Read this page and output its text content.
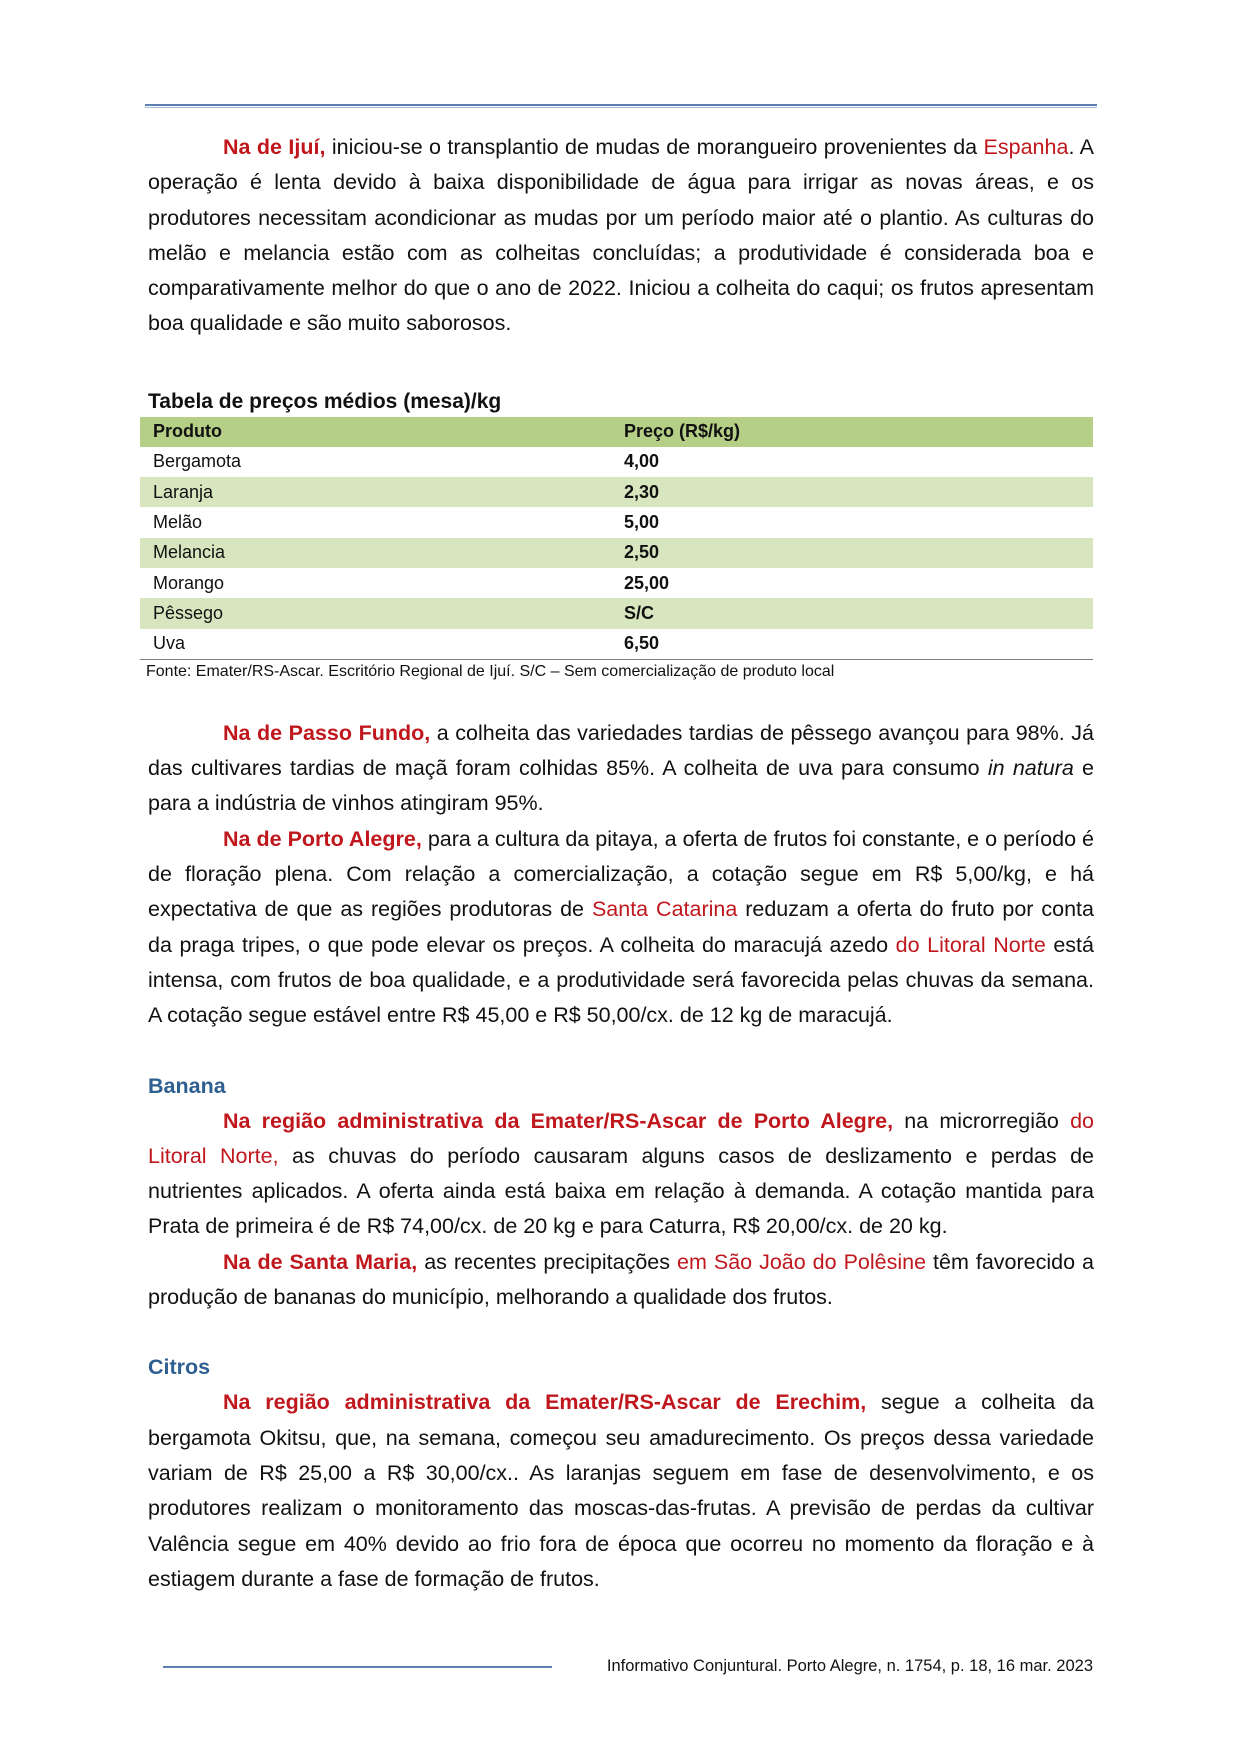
Na de Ijuí, iniciou-se o transplantio de mudas de morangueiro provenientes da Espanha. A operação é lenta devido à baixa disponibilidade de água para irrigar as novas áreas, e os produtores necessitam acondicionar as mudas por um período maior até o plantio. As culturas do melão e melancia estão com as colheitas concluídas; a produtividade é considerada boa e comparativamente melhor do que o ano de 2022. Iniciou a colheita do caqui; os frutos apresentam boa qualidade e são muito saborosos.

Tabela de preços médios (mesa)/kg

Produto	Preço (R$/kg)
Bergamota	4,00
Laranja	2,30
Melão	5,00
Melancia	2,50
Morango	25,00
Pêssego	S/C
Uva	6,50

Fonte: Emater/RS-Ascar. Escritório Regional de Ijuí. S/C – Sem comercialização de produto local

Na de Passo Fundo, a colheita das variedades tardias de pêssego avançou para 98%. Já das cultivares tardias de maçã foram colhidas 85%. A colheita de uva para consumo in natura e para a indústria de vinhos atingiram 95%.

Na de Porto Alegre, para a cultura da pitaya, a oferta de frutos foi constante, e o período é de floração plena. Com relação a comercialização, a cotação segue em R$ 5,00/kg, e há expectativa de que as regiões produtoras de Santa Catarina reduzam a oferta do fruto por conta da praga tripes, o que pode elevar os preços. A colheita do maracujá azedo do Litoral Norte está intensa, com frutos de boa qualidade, e a produtividade será favorecida pelas chuvas da semana. A cotação segue estável entre R$ 45,00 e R$ 50,00/cx. de 12 kg de maracujá.

Banana

Na região administrativa da Emater/RS-Ascar de Porto Alegre, na microrregião do Litoral Norte, as chuvas do período causaram alguns casos de deslizamento e perdas de nutrientes aplicados. A oferta ainda está baixa em relação à demanda. A cotação mantida para Prata de primeira é de R$ 74,00/cx. de 20 kg e para Caturra, R$ 20,00/cx. de 20 kg.

Na de Santa Maria, as recentes precipitações em São João do Polêsine têm favorecido a produção de bananas do município, melhorando a qualidade dos frutos.

Citros

Na região administrativa da Emater/RS-Ascar de Erechim, segue a colheita da bergamota Okitsu, que, na semana, começou seu amadurecimento. Os preços dessa variedade variam de R$ 25,00 a R$ 30,00/cx.. As laranjas seguem em fase de desenvolvimento, e os produtores realizam o monitoramento das moscas-das-frutas. A previsão de perdas da cultivar Valência segue em 40% devido ao frio fora de época que ocorreu no momento da floração e à estiagem durante a fase de formação de frutos.

Informativo Conjuntural. Porto Alegre, n. 1754, p. 18, 16 mar. 2023
